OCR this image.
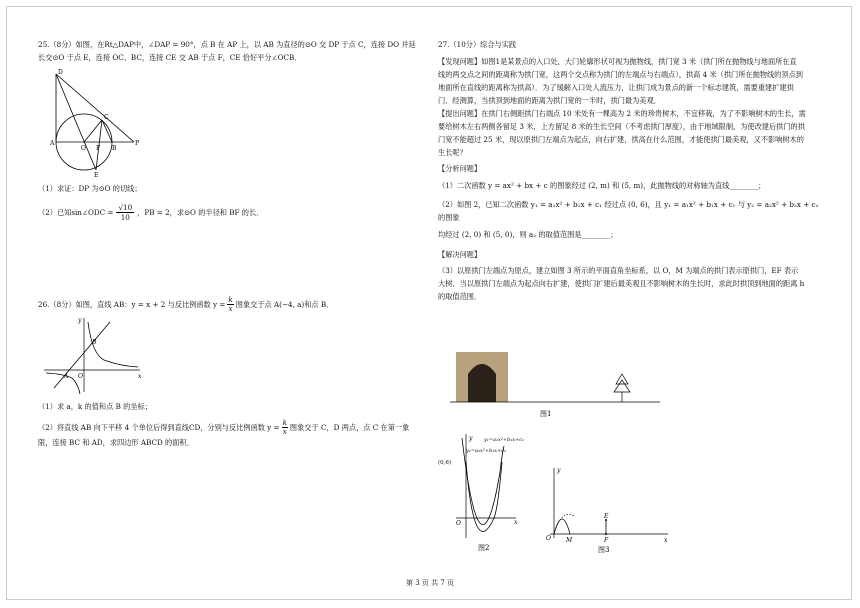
25.（8分）如图，在Rt△DAP中，∠DAP = 90°，点 B 在 AP 上，以 AB 为直径的⊙O 交 DP 于点 C，连接 DO 并延

长交⊙O 于点 E，连接 OC、BC，连接 CE 交 AB 于点 F，CE 恰好平分∠OCB．

D
A
O F B
P
C
E

（1）求证：DP 为⊙O 的切线；

（2）已知sin∠ODC = $\frac{√10}{10}$ ，PB = 2，求⊙O 的半径和 BF 的长．
26.（8分）如图，直线 AB：y = x + 2 与反比例函数 $y = \frac{k}{x}$ 图象交于点 A(−4, a)和点 B．
y
x
A O
B

（1）求 a，k 的值和点 B 的坐标；

（2）将直线 AB 向下平移 4 个单位后得到直线CD，分别与反比例函数 $y = \frac{k}{x}$ 图象交于 C，D 两点，点 C 在第一象

限，连接 BC 和 AD，求四边形 ABCD 的面积．

27.（10分）综合与实践

【发现问题】如图1是某景点的入口处，大门轮廓形状可视为抛物线，拱门宽 3 米（拱门所在抛物线与地面所在直

线的两交点之间的距离称为拱门宽，这两个交点称为拱门的左端点与右端点），拱高 4 米（拱门所在抛物线的顶点到

地面所在直线的距离称为拱高）．为了缓解入口处人流压力，让拱门成为景点的新一个标志建筑，需要重建扩建拱

门．经测算，当拱顶到地面的距离为拱门宽的一半时，拱门最为美观．

【提出问题】在拱门右侧距拱门右端点 10 米处有一棵高为 2 米的珍贵树木，不宜移栽，为了不影响树木的生长，需

要给树木左右两侧各留足 3 米，上方留足 8 米的生长空间（不考虑拱门厚度），由于地域限制，为使改建后拱门的拱

门宽不能超过 25 米，现以原拱门左端点为起点，向右扩建，拱高在什么范围，才能使拱门最美观，又不影响树木的

生长呢？

【分析问题】

（1）二次函数 y = ax² + bx + c 的图象经过 (2, m) 和 (5, m)，此抛物线的对称轴为直线________；

（2）如图 2，已知二次函数 y₁ = a₁x² + b₁x + c₁ 经过点 (0, 6)，且 y₁ = a₁x² + b₁x + c₁ 与 y₂ = a₂x² + b₂x + c₂ 的图象

均经过 (2, 0) 和 (5, 0)，则 a₂ 的取值范围是________；

【解决问题】

（3）以原拱门左端点为原点，建立如图 3 所示的平面直角坐标系，以 O，M 为端点的拱门表示原拱门，EF 表示

大树．当以原拱门左端点为起点向右扩建，使拱门扩建后最美观且不影响树木的生长时，求此时拱顶到地面的距离 h

的取值范围．

图1
y
x
O
(0,6)
y₁=a₁x²+b₁x+c₁
y₂=a₂x²+b₂x+c₂
图2
y
x
O	M
E
F
图3
第 3 页 共 7 页
